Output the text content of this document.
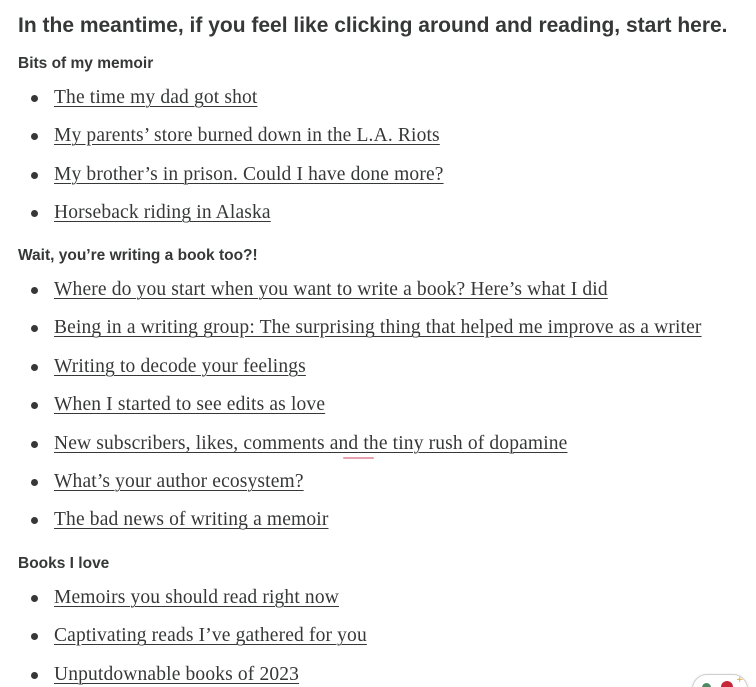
In the meantime, if you feel like clicking around and reading, start here.
Bits of my memoir
The time my dad got shot
My parents’ store burned down in the L.A. Riots
My brother’s in prison. Could I have done more?
Horseback riding in Alaska
Wait, you’re writing a book too?!
Where do you start when you want to write a book? Here’s what I did
Being in a writing group: The surprising thing that helped me improve as a writer
Writing to decode your feelings
When I started to see edits as love
New subscribers, likes, comments and the tiny rush of dopamine
What’s your author ecosystem?
The bad news of writing a memoir
Books I love
Memoirs you should read right now
Captivating reads I’ve gathered for you
Unputdownable books of 2023	+
